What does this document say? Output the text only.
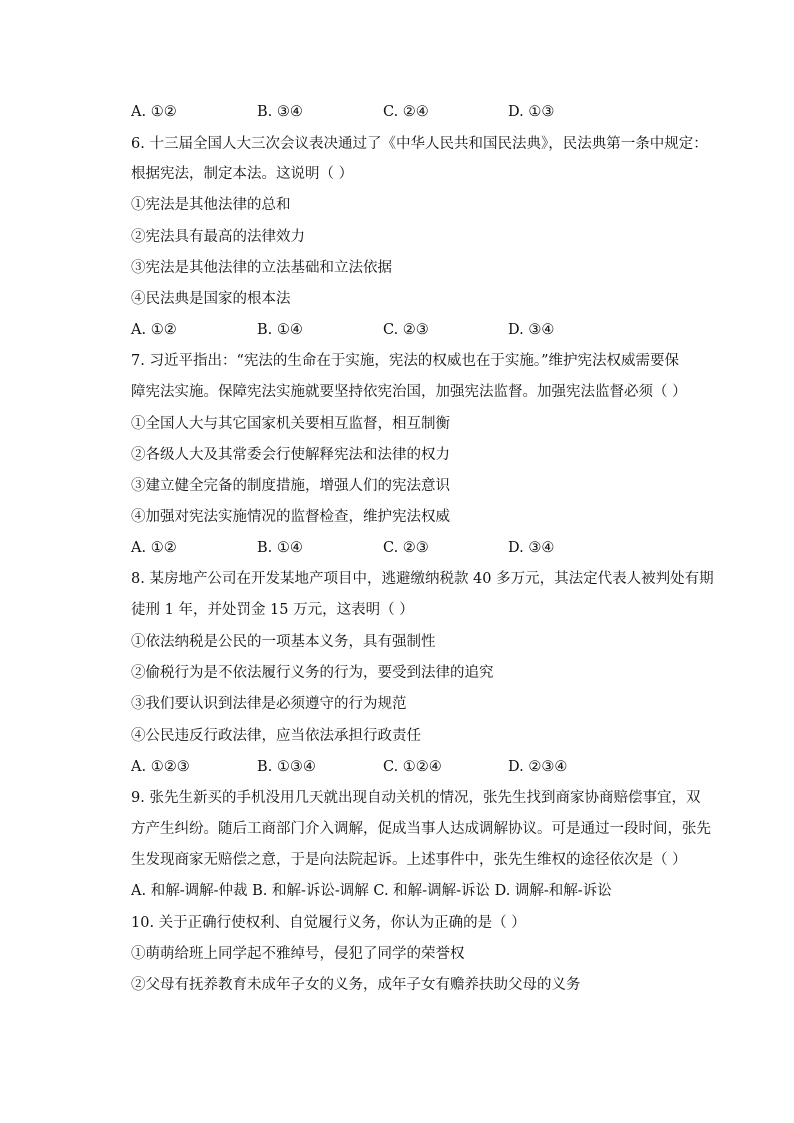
A. ①②	B. ③④	C. ②④	D. ①③
6. 十三届全国人大三次会议表决通过了《中华人民共和国民法典》，民法典第一条中规定：
根据宪法，制定本法。这说明（ ）
①宪法是其他法律的总和
②宪法具有最高的法律效力
③宪法是其他法律的立法基础和立法依据
④民法典是国家的根本法
A. ①②	B. ①④	C. ②③	D. ③④
7. 习近平指出：“宪法的生命在于实施，宪法的权威也在于实施。”维护宪法权威需要保
障宪法实施。保障宪法实施就要坚持依宪治国，加强宪法监督。加强宪法监督必须（ ）
①全国人大与其它国家机关要相互监督，相互制衡
②各级人大及其常委会行使解释宪法和法律的权力
③建立健全完备的制度措施，增强人们的宪法意识
④加强对宪法实施情况的监督检查，维护宪法权威
A. ①②	B. ①④	C. ②③	D. ③④
8. 某房地产公司在开发某地产项目中，逃避缴纳税款 40 多万元，其法定代表人被判处有期
徒刑 1 年，并处罚金 15 万元，这表明（ ）
①依法纳税是公民的一项基本义务，具有强制性
②偷税行为是不依法履行义务的行为，要受到法律的追究
③我们要认识到法律是必须遵守的行为规范
④公民违反行政法律，应当依法承担行政责任
A. ①②③	B. ①③④	C. ①②④	D. ②③④
9. 张先生新买的手机没用几天就出现自动关机的情况，张先生找到商家协商赔偿事宜，双
方产生纠纷。随后工商部门介入调解，促成当事人达成调解协议。可是通过一段时间，张先
生发现商家无赔偿之意，于是向法院起诉。上述事件中，张先生维权的途径依次是（ ）
A. 和解-调解-仲裁 B. 和解-诉讼-调解 C. 和解-调解-诉讼 D. 调解-和解-诉讼
10. 关于正确行使权利、自觉履行义务，你认为正确的是（ ）
①萌萌给班上同学起不雅绰号，侵犯了同学的荣誉权
②父母有抚养教育未成年子女的义务，成年子女有赡养扶助父母的义务
